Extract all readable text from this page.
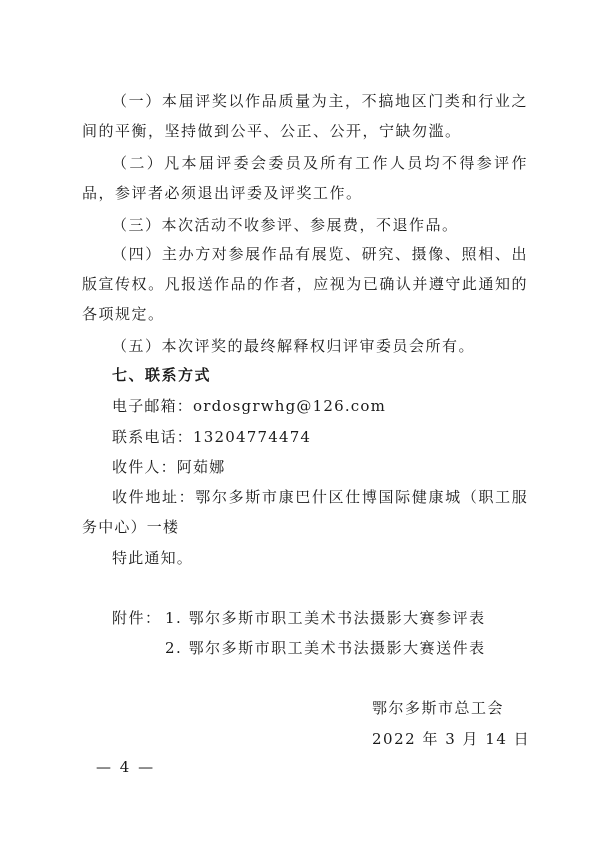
（一）本届评奖以作品质量为主，不搞地区门类和行业之间的平衡，坚持做到公平、公正、公开，宁缺勿滥。

（二）凡本届评委会委员及所有工作人员均不得参评作品，参评者必须退出评委及评奖工作。

（三）本次活动不收参评、参展费，不退作品。

（四）主办方对参展作品有展览、研究、摄像、照相、出版宣传权。凡报送作品的作者，应视为已确认并遵守此通知的各项规定。

（五）本次评奖的最终解释权归评审委员会所有。

七、联系方式

电子邮箱：ordosgrwhg@126.com

联系电话：13204774474

收件人：阿茹娜

收件地址：鄂尔多斯市康巴什区仕博国际健康城（职工服务中心）一楼

特此通知。

附件： 1. 鄂尔多斯市职工美术书法摄影大赛参评表

2. 鄂尔多斯市职工美术书法摄影大赛送件表

鄂尔多斯市总工会

2022 年 3 月 14 日

— 4 —
